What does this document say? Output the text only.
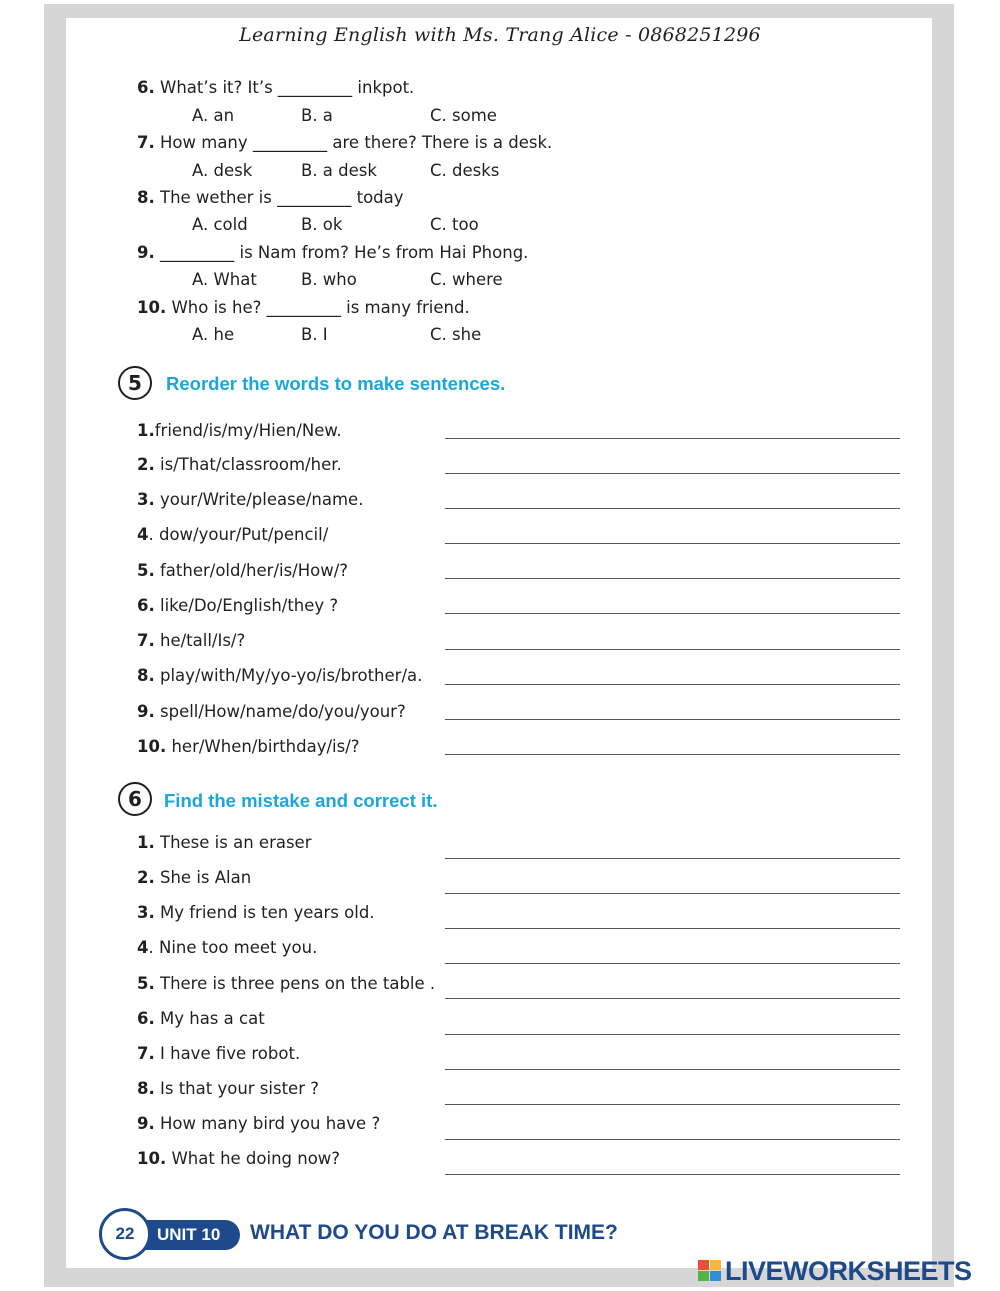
Learning English with Ms. Trang Alice - 0868251296
6. What’s it? It’s _________ inkpot.
A. an	B. a	C. some
7. How many _________ are there? There is a desk.
A. desk	B. a desk	C. desks
8. The wether is _________ today
A. cold	B. ok	C. too
9. _________ is Nam from? He’s from Hai Phong.
A. What	B. who	C. where
10. Who is he? _________ is many friend.
A. he	B. I	C. she
5	Reorder the words to make sentences.
1.friend/is/my/Hien/New.
2. is/That/classroom/her.
3. your/Write/please/name.
4. dow/your/Put/pencil/
5. father/old/her/is/How/?
6. like/Do/English/they ?
7. he/tall/Is/?
8. play/with/My/yo-yo/is/brother/a.
9. spell/How/name/do/you/your?
10. her/When/birthday/is/?
6	Find the mistake and correct it.
1. These is an eraser
2. She is Alan
3. My friend is ten years old.
4. Nine too meet you.
5. There is three pens on the table .
6. My has a cat
7. I have five robot.
8. Is that your sister ?
9. How many bird you have ?
10. What he doing now?
UNIT 10
22	WHAT DO YOU DO AT BREAK TIME?
LIVEWORKSHEETS
